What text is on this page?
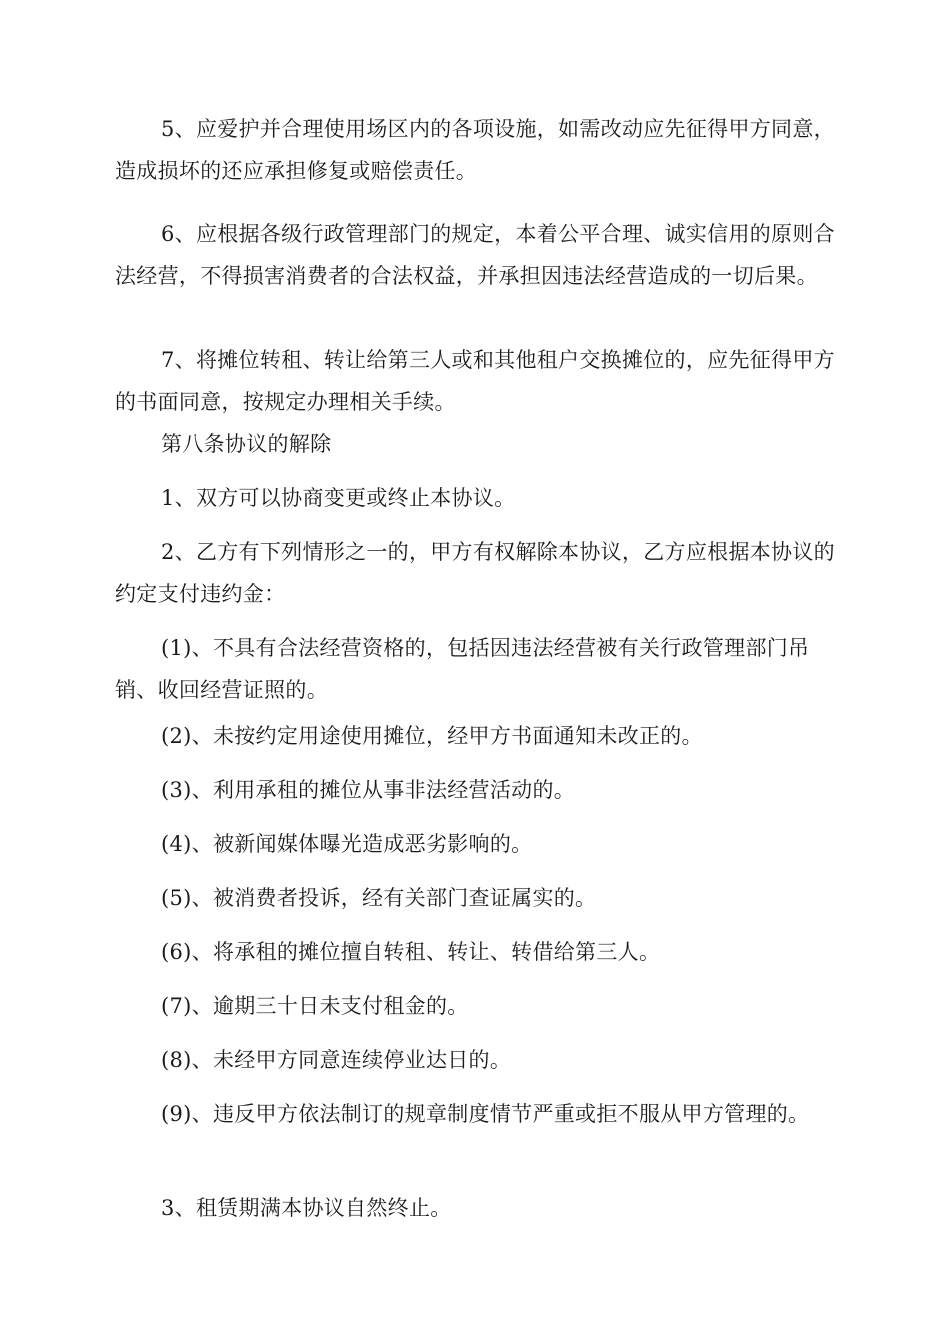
5、应爱护并合理使用场区内的各项设施，如需改动应先征得甲方同意，造成损坏的还应承担修复或赔偿责任。

6、应根据各级行政管理部门的规定，本着公平合理、诚实信用的原则合法经营，不得损害消费者的合法权益，并承担因违法经营造成的一切后果。

7、将摊位转租、转让给第三人或和其他租户交换摊位的，应先征得甲方的书面同意，按规定办理相关手续。

第八条协议的解除

1、双方可以协商变更或终止本协议。

2、乙方有下列情形之一的，甲方有权解除本协议，乙方应根据本协议的约定支付违约金：

(1)、不具有合法经营资格的，包括因违法经营被有关行政管理部门吊销、收回经营证照的。

(2)、未按约定用途使用摊位，经甲方书面通知未改正的。

(3)、利用承租的摊位从事非法经营活动的。

(4)、被新闻媒体曝光造成恶劣影响的。

(5)、被消费者投诉，经有关部门查证属实的。

(6)、将承租的摊位擅自转租、转让、转借给第三人。

(7)、逾期三十日未支付租金的。

(8)、未经甲方同意连续停业达日的。

(9)、违反甲方依法制订的规章制度情节严重或拒不服从甲方管理的。

3、租赁期满本协议自然终止。
